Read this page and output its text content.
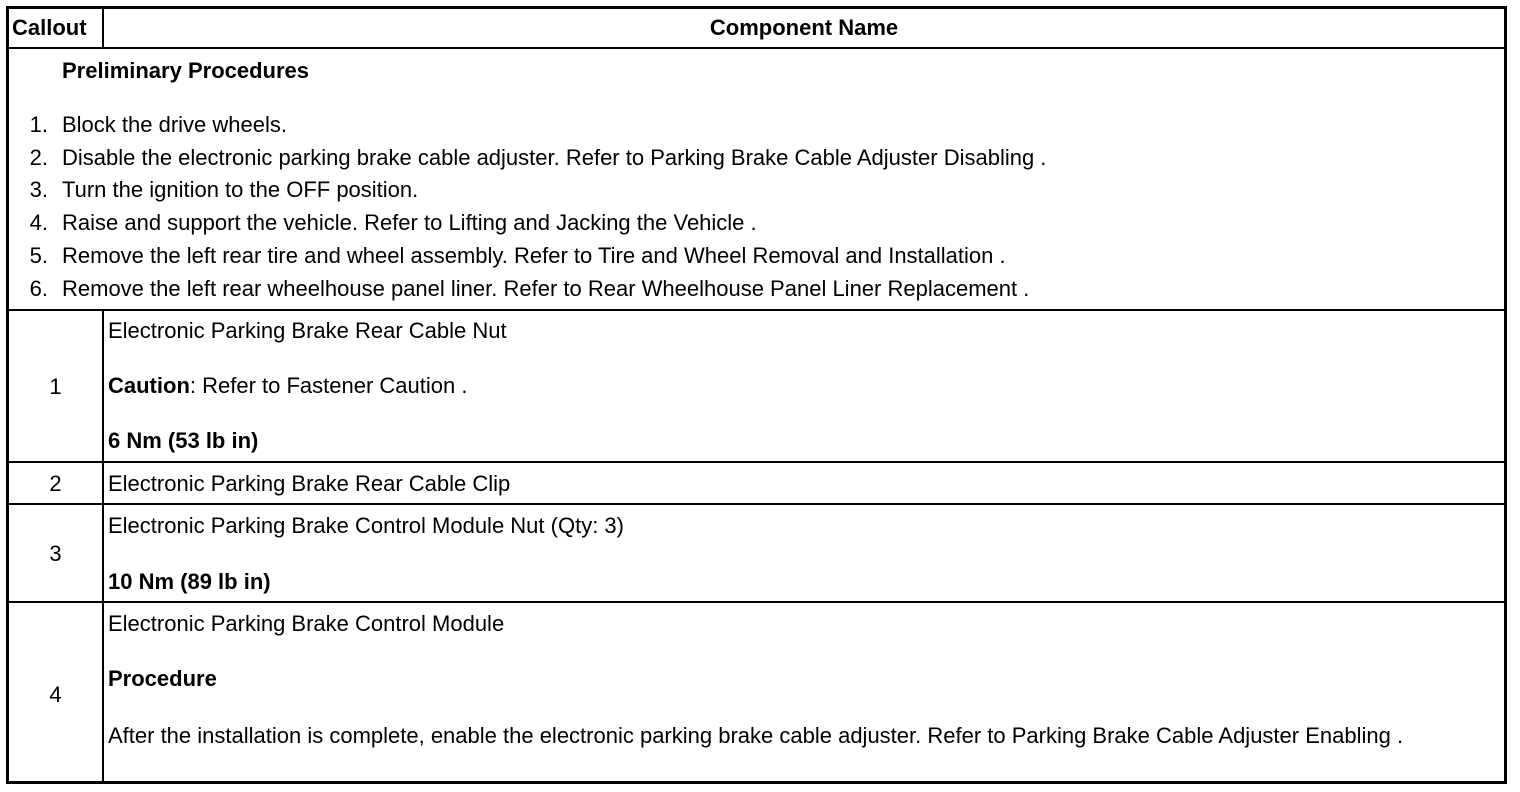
Callout	Component Name
Preliminary Procedures
1. Block the drive wheels.
2. Disable the electronic parking brake cable adjuster. Refer to Parking Brake Cable Adjuster Disabling .
3. Turn the ignition to the OFF position.
4. Raise and support the vehicle. Refer to Lifting and Jacking the Vehicle .
5. Remove the left rear tire and wheel assembly. Refer to Tire and Wheel Removal and Installation .
6. Remove the left rear wheelhouse panel liner. Refer to Rear Wheelhouse Panel Liner Replacement .
1
Electronic Parking Brake Rear Cable Nut
Caution: Refer to Fastener Caution .
6 Nm (53 lb in)
2	Electronic Parking Brake Rear Cable Clip
3
Electronic Parking Brake Control Module Nut (Qty: 3)
10 Nm (89 lb in)
4
Electronic Parking Brake Control Module
Procedure
After the installation is complete, enable the electronic parking brake cable adjuster. Refer to Parking Brake Cable Adjuster Enabling .
